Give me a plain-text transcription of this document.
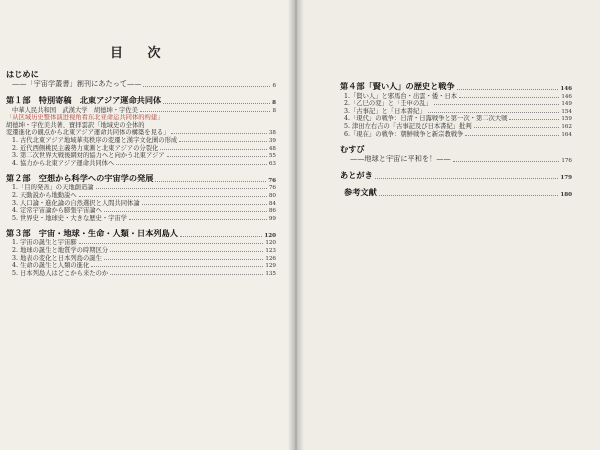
目 次
はじめに
——「宇宙学叢書」創刊にあたって——	6
第１部　特別寄稿　北東アジア運命共同体	8
中華人民共和国　武漢大学　胡德坤・宇佐美	8
「从区域历史整体演进视角看东北亚命运共同体的构建」
胡德坤・宇佐美共著、寶拝雲訳「地域史の全体的
変遷進化の観点から北東アジア運命共同体の構築を見る」	38
1. 古代北東アジア地域華夷秩序の変遷と漢字文化圏の形成	39
2. 近代西側桃民主義勢力東漸と北東アジアの分裂化	48
3. 第二次世界大戦後網対的協力へと向かう北東アジア	55
4. 協力から北東アジア運命共同体へ	63
第２部　空想から科学への宇宙学の発展	76
1.「目的発善」の天地創造論	76
2. 天動説から地動説へ	80
3. 人口論・進化論の自然選択と人間共同体論	84
4. 定常宇宙論から膨張宇宙論へ	86
5. 世界史・地球史・大きな歴史・宇宙学	99
第３部　宇宙・地球・生命・人類・日本列島人	120
1. 宇宙の誕生と宇宙膨	120
2. 地球の誕生と地質学の時期区分	123
3. 地表の変化と日本列島の誕生	126
4. 生命の誕生と人類の進化	129
5. 日本列島人はどこから来たのか	135
第４部「賢い人」の歴史と戦争	146
1.「賢い人」と邪馬台・出雲・倭・日本	146
2.「乙巳の変」と「壬申の乱」	149
3.「古事記」と「日本書紀」	154
4.「現代」の戦争：日清・日露戦争と第一次・第二次大戦	159
5. 津田左右吉の「古事記及び日本書紀」批判	162
6.「現在」の戦争：朝鮮戦争と新宗教戦争	164
むすび
——地球と宇宙に平和を！——	176
あとがき	179
参考文献	180
